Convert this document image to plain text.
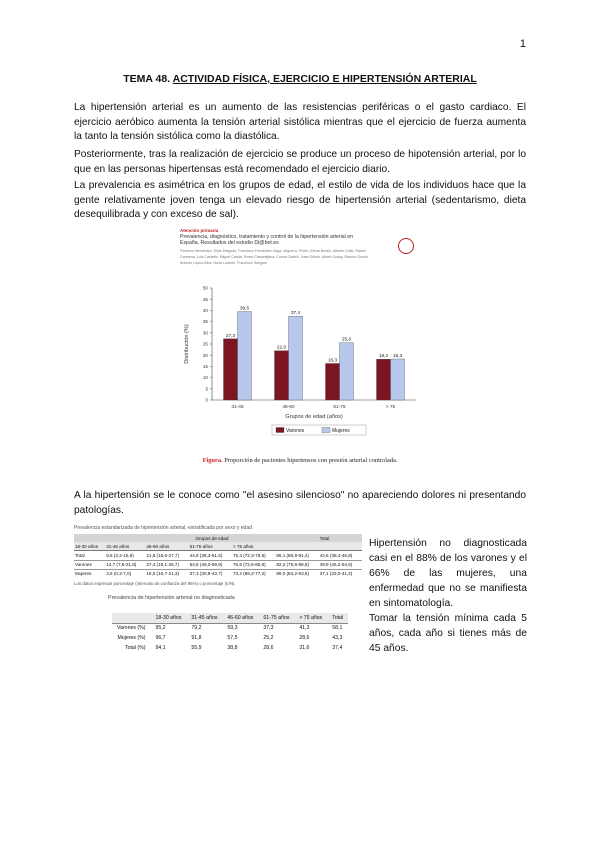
1
TEMA 48. ACTIVIDAD FÍSICA, EJERCICIO E HIPERTENSIÓN ARTERIAL

La hipertensión arterial es un aumento de las resistencias periféricas o el gasto cardiaco. El ejercicio aeróbico aumenta la tensión arterial sistólica mientras que el ejercicio de fuerza aumenta la tanto la tensión sistólica como la diastólica.

Posteriormente, tras la realización de ejercicio se produce un proceso de hipotensión arterial, por lo que en las personas hipertensas está recomendado el ejercicio diario.

La prevalencia es asimétrica en los grupos de edad, el estilo de vida de los individuos hace que la gente relativamente joven tenga un elevado riesgo de hipertensión arterial (sedentarismo, dieta desequilibrada y con exceso de sal).

Atención primaria
Prevalencia, diagnóstico, tratamiento y control de la hipertensión arterial en España. Resultados del estudio Di@bet.es
Federico Menéndez, Elías Delgado, Francisco Fernández-Vega, Miguel A. Prieto, Elena Bordiú, Alberto Calle, Rafael Carmena, Luis Castaño, Miguel Catalá, Roser Casamitjana, Conxa Castell, Juan Girbés, Albert Goday, Ramon Gomis, Antonio López-Alba, Nuria Lorente, Francisco Soriguer
0
5
10
15
20
25
30
35
40
45
50
Distribución (%)	27,3
39,5
31-45
22,0
37,4
46-60
16,3
25,6
61-75
18,2 18,3
> 75
Grupos de edad (años)
Varones	Mujeres
Figura. Proporción de pacientes hipertensos con presión arterial controlada.

A la hipertensión se le conoce como "el asesino silencioso" no apareciendo dolores ni presentando patologías.

Prevalencia estandarizada de hipertensión arterial, estratificada por sexo y edad
	Grupos de edad					Total
18-30 años	31-45 años	46-60 años	61-75 años	> 75 años		
Total	9,5 (3,2-15,8)	21,6 (15,5-27,7)	44,9 (38,3-51,5)	75,4 (72,3-78,5)	86,1 (80,8-91,4)	42,6 (38,4-46,8)
Varones	14,7 (7,6-21,8)	27,4 (19,1-35,7)	54,6 (49,3-59,9)	76,6 (72,6-80,6)	82,2 (75,6-88,8)	49,9 (45,2-54,6)
Mujeres	3,6 (0,2-7,0)	16,0 (10,7-21,3)	37,3 (30,9-43,7)	73,2 (69,2-77,2)	89,0 (84,2-93,8)	37,1 (33,0-41,2)
Los datos expresan porcentaje (intervalo de confianza del 95%) o porcentaje (n/N).
Prevalencia de hipertensión arterial no diagnosticada
	18-30 años	31-45 años	46-60 años	61-75 años	> 75 años	Total
Varones (%)	95,2	79,2	59,3	37,3	41,3	58,1
Mujeres (%)	96,7	91,8	57,5	25,2	28,6	43,3
Total (%)	94,1	55,9	38,8	28,6	31,6	37,4
Hipertensión no diagnosticada casi en el 88% de los varones y el 66% de las mujeres, una enfermedad que no se manifiesta en sintomatología.
Tomar la tensión mínima cada 5 años, cada año si tienes más de 45 años.
